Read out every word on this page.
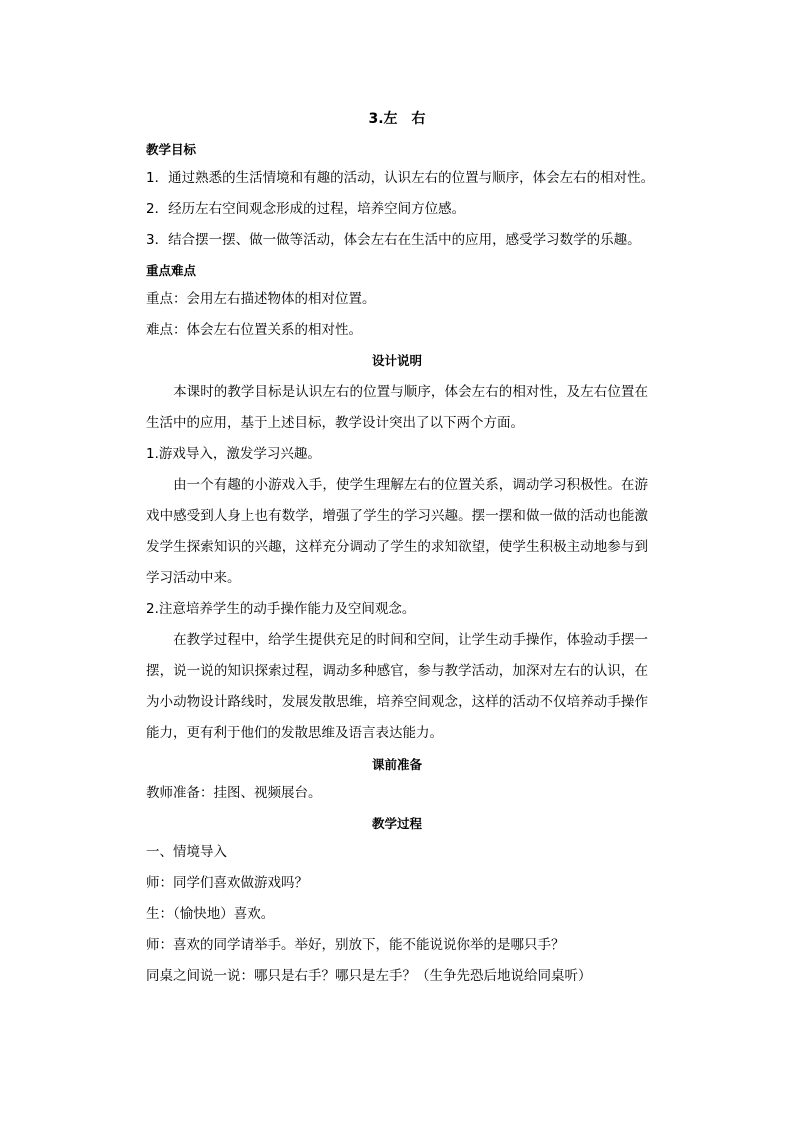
3.左　右
教学目标
1．通过熟悉的生活情境和有趣的活动，认识左右的位置与顺序，体会左右的相对性。
2．经历左右空间观念形成的过程，培养空间方位感。
3．结合摆一摆、做一做等活动，体会左右在生活中的应用，感受学习数学的乐趣。
重点难点
重点：会用左右描述物体的相对位置。
难点：体会左右位置关系的相对性。
设计说明
本课时的教学目标是认识左右的位置与顺序，体会左右的相对性，及左右位置在生活中的应用，基于上述目标，教学设计突出了以下两个方面。
1.游戏导入，激发学习兴趣。
由一个有趣的小游戏入手，使学生理解左右的位置关系，调动学习积极性。在游戏中感受到人身上也有数学，增强了学生的学习兴趣。摆一摆和做一做的活动也能激发学生探索知识的兴趣，这样充分调动了学生的求知欲望，使学生积极主动地参与到学习活动中来。
2.注意培养学生的动手操作能力及空间观念。
在教学过程中，给学生提供充足的时间和空间，让学生动手操作，体验动手摆一摆，说一说的知识探索过程，调动多种感官，参与教学活动，加深对左右的认识，在为小动物设计路线时，发展发散思维，培养空间观念，这样的活动不仅培养动手操作能力，更有利于他们的发散思维及语言表达能力。
课前准备
教师准备：挂图、视频展台。
教学过程
一、情境导入
师：同学们喜欢做游戏吗？
生：（愉快地）喜欢。
师：喜欢的同学请举手。举好，别放下，能不能说说你举的是哪只手？
同桌之间说一说：哪只是右手？哪只是左手？（生争先恐后地说给同桌听）
